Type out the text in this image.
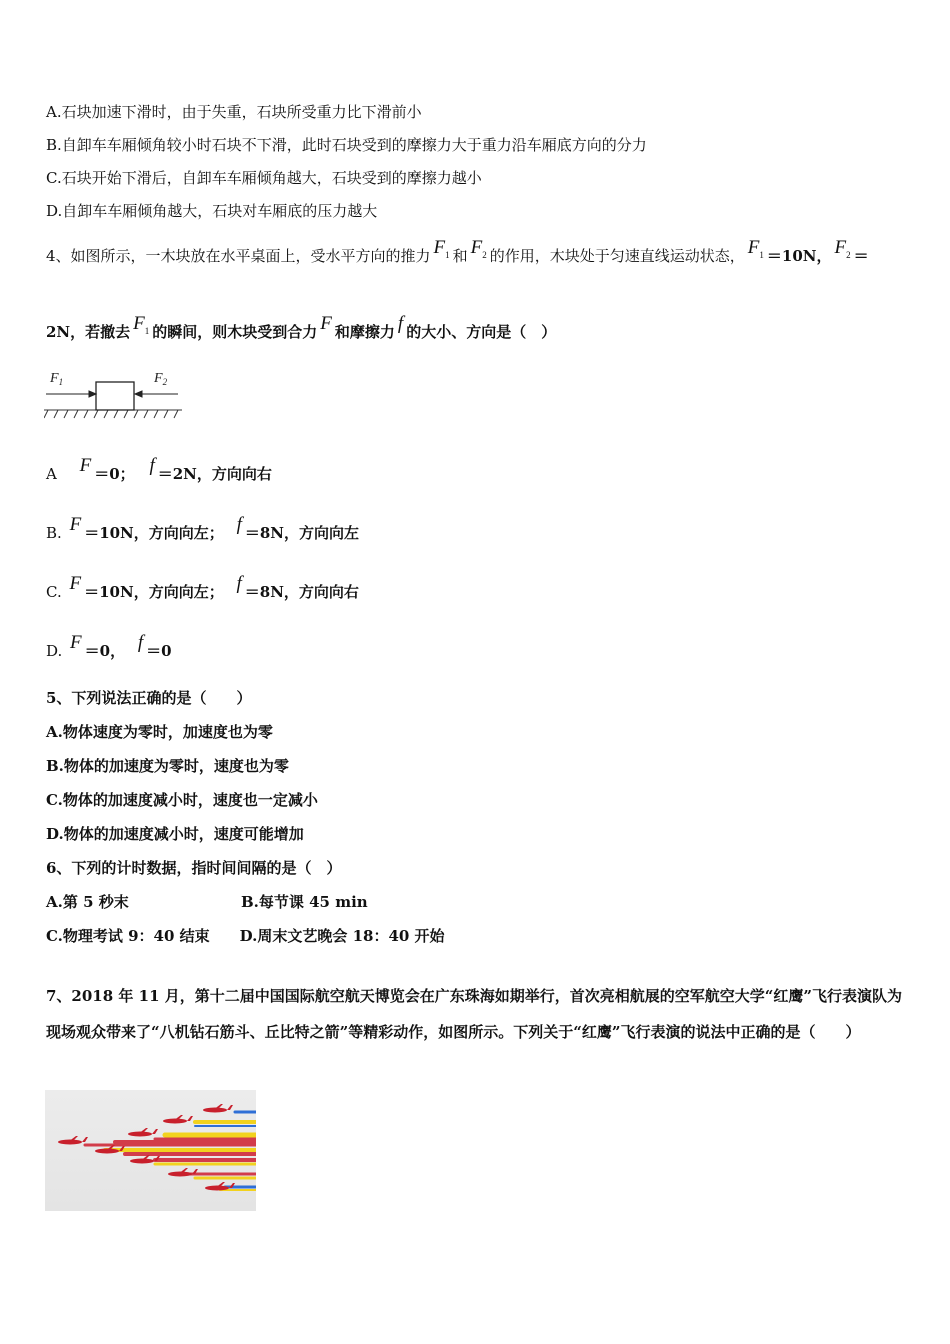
A.石块加速下滑时，由于失重，石块所受重力比下滑前小
B.自卸车车厢倾角较小时石块不下滑，此时石块受到的摩擦力大于重力沿车厢底方向的分力
C.石块开始下滑后，自卸车车厢倾角越大，石块受到的摩擦力越小
D.自卸车车厢倾角越大，石块对车厢底的压力越大
4、如图所示，一木块放在水平桌面上，受水平方向的推力 $F_1$ 和 $F_2$ 的作用，木块处于匀速直线运动状态， $F_1 =10N$， $F_2$ ＝
2N，若撤去 $F_1$ 的瞬间，则木块受到合力 F 和摩擦力 f 的大小、方向是（　）
$F_1$	$F_2$
A F ＝0； f ＝2N，方向向右
B. F ＝10N，方向向左； f ＝8N，方向向左
C. F ＝10N，方向向左； f ＝8N，方向向右
D. F ＝0， f ＝0
5、下列说法正确的是（　　）
A.物体速度为零时，加速度也为零
B.物体的加速度为零时，速度也为零
C.物体的加速度减小时，速度也一定减小
D.物体的加速度减小时，速度可能增加
6、下列的计时数据，指时间间隔的是（　）
A.第 5 秒末	B.每节课 45 min
C.物理考试 9：40 结束 D.周末文艺晚会 18：40 开始
7、2018 年 11 月，第十二届中国国际航空航天博览会在广东珠海如期举行，首次亮相航展的空军航空大学“红鹰”飞行表演队为现场观众带来了“八机钻石筋斗、丘比特之箭”等精彩动作，如图所示。下列关于“红鹰”飞行表演的说法中正确的是（　　）
